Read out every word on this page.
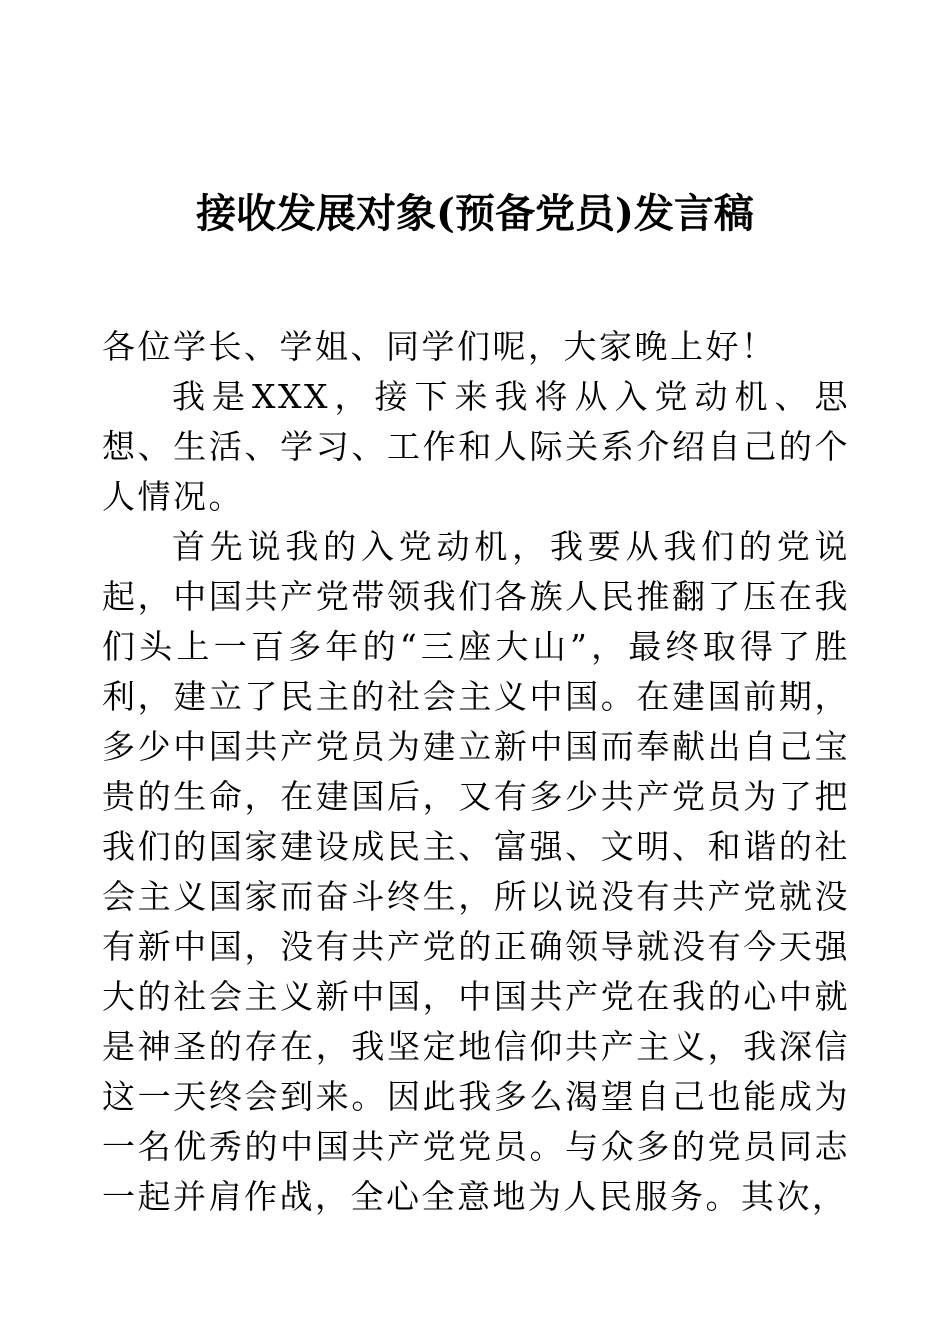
接收发展对象(预备党员)发言稿

各位学长、学姐、同学们呢，大家晚上好！

我是XXX，接下来我将从入党动机、思想、生活、学习、工作和人际关系介绍自己的个人情况。

首先说我的入党动机，我要从我们的党说起，中国共产党带领我们各族人民推翻了压在我们头上一百多年的“三座大山”，最终取得了胜利，建立了民主的社会主义中国。在建国前期，多少中国共产党员为建立新中国而奉献出自己宝贵的生命，在建国后，又有多少共产党员为了把我们的国家建设成民主、富强、文明、和谐的社会主义国家而奋斗终生，所以说没有共产党就没有新中国，没有共产党的正确领导就没有今天强大的社会主义新中国，中国共产党在我的心中就是神圣的存在，我坚定地信仰共产主义，我深信这一天终会到来。因此我多么渴望自己也能成为一名优秀的中国共产党党员。与众多的党员同志一起并肩作战，全心全意地为人民服务。其次，
